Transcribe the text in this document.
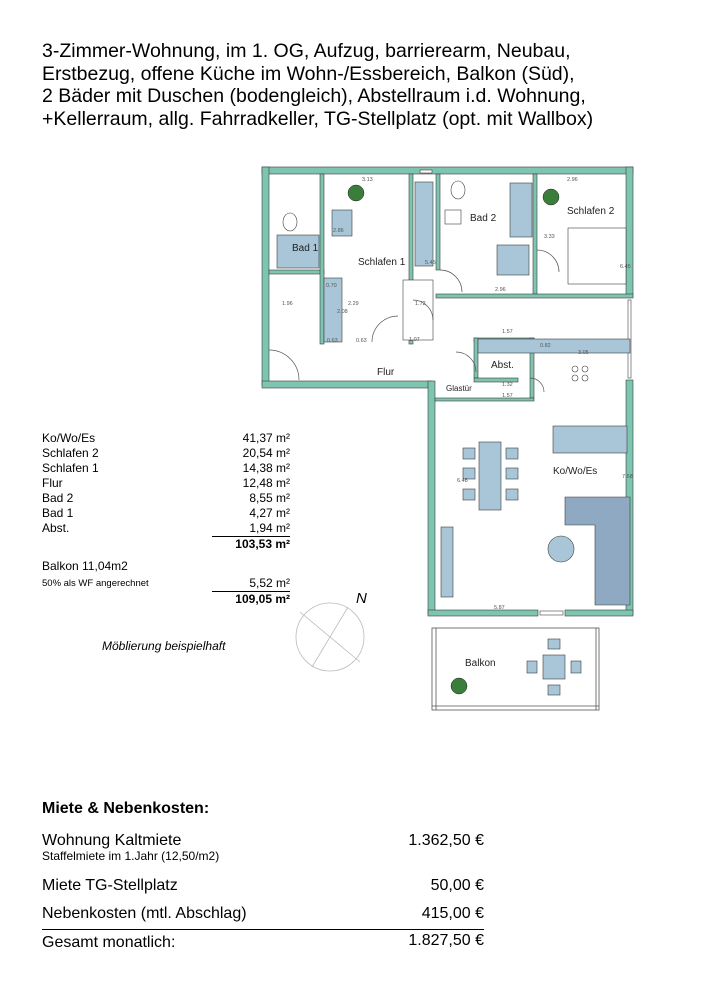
3-Zimmer-Wohnung, im 1. OG, Aufzug, barrierearm, Neubau,
Erstbezug, offene Küche im Wohn-/Essbereich, Balkon (Süd),
2 Bäder mit Duschen (bodengleich), Abstellraum i.d. Wohnung,
+Kellerraum, allg. Fahrradkeller, TG-Stellplatz (opt. mit Wallbox)
N
Bad 1
Schlafen 1
Bad 2
Schlafen 2
Flur
Abst.
Ko/Wo/Es
Balkon
Glastür
3.13	2.96
3.33
2.96
1.57
1.32
1.57
0.82
3.05
6.48
7.68
5.87
1.96
2.86
2.29
0.70
0.63
2.08
1.72
5.45
1.07
0.63
6.45
Ko/Wo/Es	41,37 m²
Schlafen 2	20,54 m²
Schlafen 1	14,38 m²
Flur	12,48 m²
Bad 2	8,55 m²
Bad 1	4,27 m²
Abst.	1,94 m²
103,53 m²
Balkon 11,04m2
50% als WF angerechnet	5,52 m²
109,05 m²
Möblierung beispielhaft
Miete & Nebenkosten:
Wohnung Kaltmiete	1.362,50 €
Staffelmiete im 1.Jahr (12,50/m2)
Miete TG-Stellplatz	50,00 €
Nebenkosten (mtl. Abschlag)	415,00 €
Gesamt monatlich:	1.827,50 €
